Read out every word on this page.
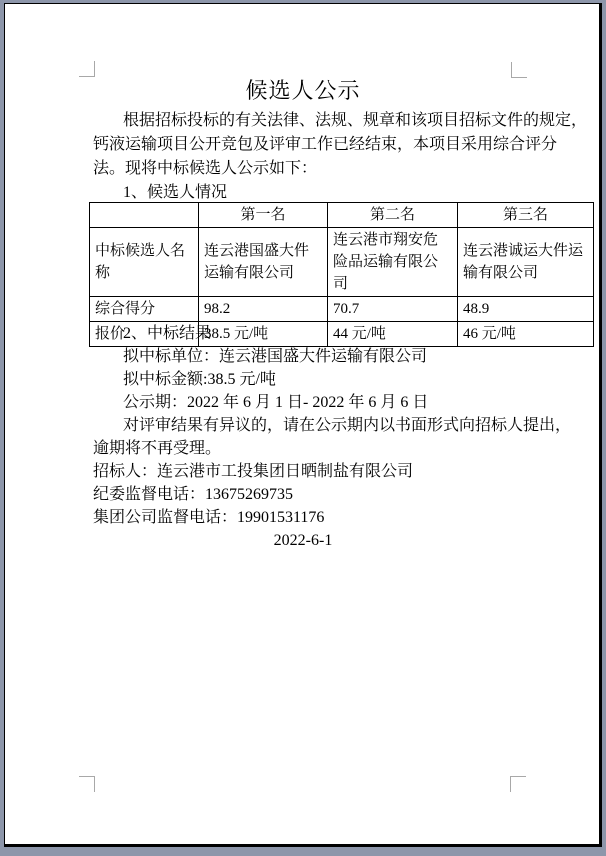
候选人公示
根据招标投标的有关法律、法规、规章和该项目招标文件的规定，
钙液运输项目公开竞包及评审工作已经结束，本项目采用综合评分
法。现将中标候选人公示如下：
1、候选人情况
	第一名	第二名	第三名
中标候选人名称	连云港国盛大件运输有限公司	连云港市翔安危险品运输有限公司	连云港诚运大件运输有限公司
综合得分	98.2	70.7	48.9
报价	38.5 元/吨	44 元/吨	46 元/吨
2、中标结果
拟中标单位：连云港国盛大件运输有限公司
拟中标金额:38.5 元/吨
公示期：2022 年 6 月 1 日- 2022 年 6 月 6 日
对评审结果有异议的，请在公示期内以书面形式向招标人提出，
逾期将不再受理。
招标人：连云港市工投集团日晒制盐有限公司
纪委监督电话：13675269735
集团公司监督电话：19901531176
2022-6-1
